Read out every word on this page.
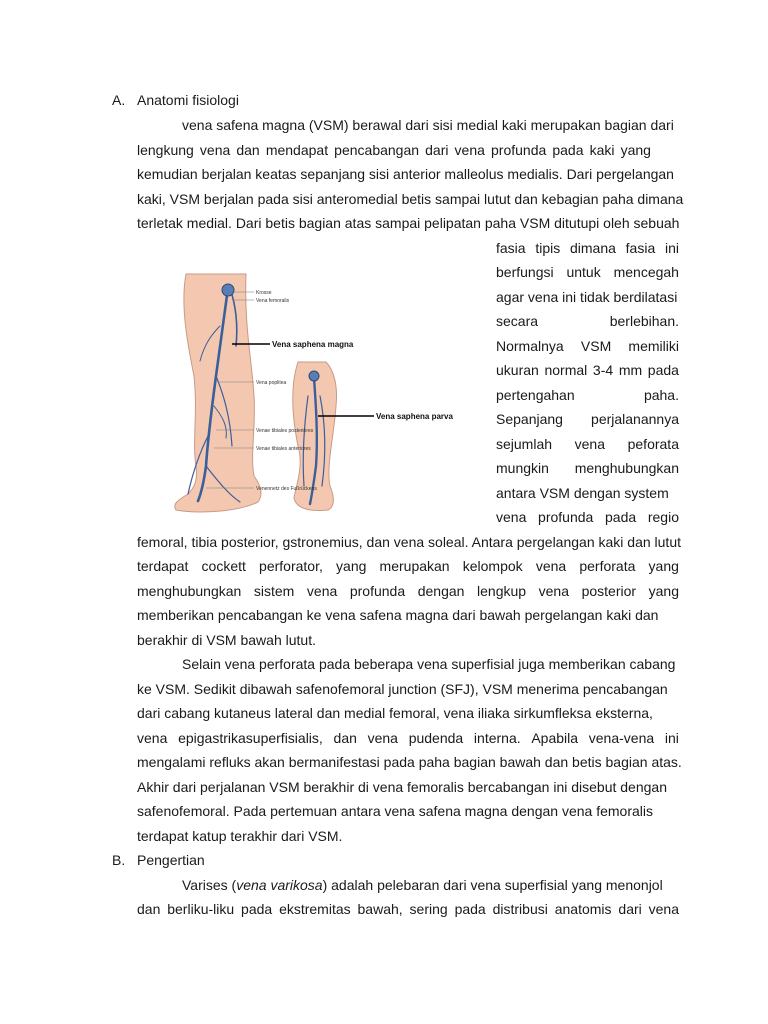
A. Anatomi fisiologi
vena safena magna (VSM) berawal dari sisi medial kaki merupakan bagian dari
lengkung vena dan mendapat pencabangan dari vena profunda pada kaki yang
kemudian berjalan keatas sepanjang sisi anterior malleolus medialis. Dari pergelangan
kaki, VSM berjalan pada sisi anteromedial betis sampai lutut dan kebagian paha dimana
terletak medial. Dari betis bagian atas sampai pelipatan paha VSM ditutupi oleh sebuah
fasia tipis dimana fasia ini
berfungsi untuk mencegah
agar vena ini tidak berdilatasi
secara	berlebihan.
Normalnya VSM memiliki
ukuran normal 3-4 mm pada
pertengahan	paha.
Sepanjang perjalanannya
sejumlah vena peforata
mungkin menghubungkan
antara VSM dengan system
vena profunda pada regio
Krosse
Vena femoralis
Vena poplitea
Venae tibiales posteriores
Venae tibiales anteriores
Venennetz des Fußrückens
Vena saphena magna
Vena saphena parva
femoral, tibia posterior, gstronemius, dan vena soleal. Antara pergelangan kaki dan lutut
terdapat cockett perforator, yang merupakan kelompok vena perforata yang
menghubungkan sistem vena profunda dengan lengkup vena posterior yang
memberikan pencabangan ke vena safena magna dari bawah pergelangan kaki dan
berakhir di VSM bawah lutut.
Selain vena perforata pada beberapa vena superfisial juga memberikan cabang
ke VSM. Sedikit dibawah safenofemoral junction (SFJ), VSM menerima pencabangan
dari cabang kutaneus lateral dan medial femoral, vena iliaka sirkumfleksa eksterna,
vena epigastrikasuperfisialis, dan vena pudenda interna. Apabila vena-vena ini
mengalami refluks akan bermanifestasi pada paha bagian bawah dan betis bagian atas.
Akhir dari perjalanan VSM berakhir di vena femoralis bercabangan ini disebut dengan
safenofemoral. Pada pertemuan antara vena safena magna dengan vena femoralis
terdapat katup terakhir dari VSM.
B. Pengertian
Varises (vena varikosa) adalah pelebaran dari vena superfisial yang menonjol
dan berliku-liku pada ekstremitas bawah, sering pada distribusi anatomis dari vena
